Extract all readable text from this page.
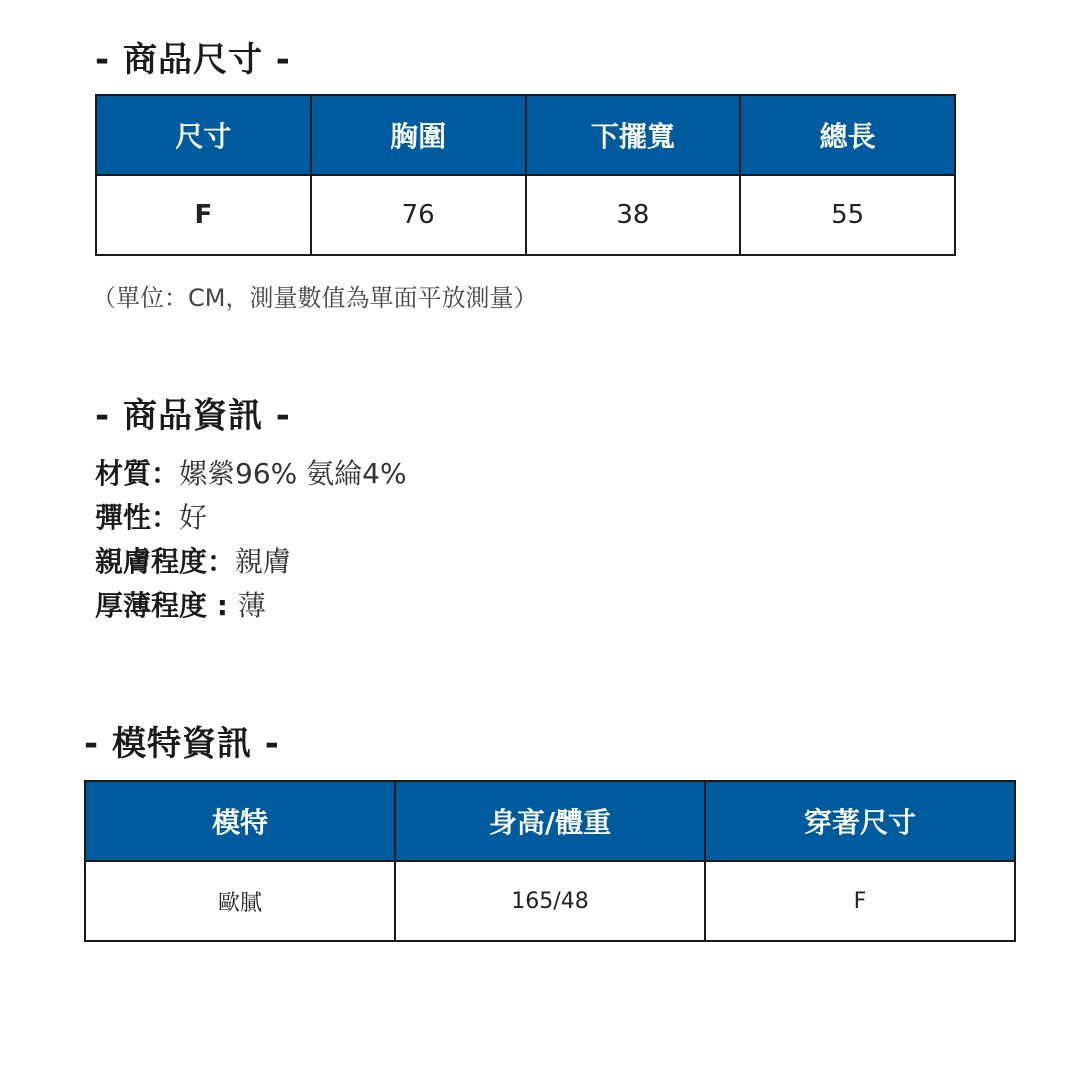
- 商品尺寸 -
尺寸	胸圍	下擺寬	總長
F	76	38	55
（單位：CM，測量數值為單面平放測量）
- 商品資訊 -
材質：嫘縈96% 氨綸4%
彈性：好
親膚程度：親膚
厚薄程度 : 薄
- 模特資訊 -
模特	身高/體重	穿著尺寸
歐膩	165/48	F
